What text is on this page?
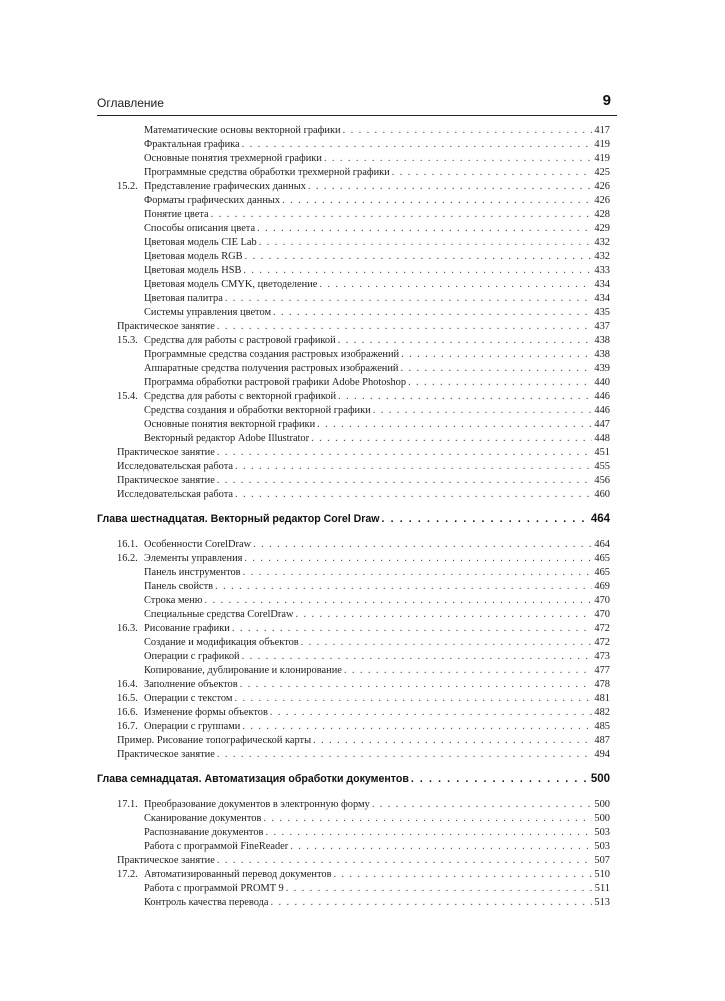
Оглавление	9
Математические основы векторной графики . . .	417
Фрактальная графика . . .	419
Основные понятия трехмерной графики . . .	419
Программные средства обработки трехмерной графики . . .	425
15.2. Представление графических данных . . .	426
Форматы графических данных . . .	426
Понятие цвета . . .	428
Способы описания цвета . . .	429
Цветовая модель CIE Lab . . .	432
Цветовая модель RGB . . .	432
Цветовая модель HSB . . .	433
Цветовая модель CMYK, цветоделение . . .	434
Цветовая палитра . . .	434
Системы управления цветом . . .	435
Практическое занятие . . .	437
15.3. Средства для работы с растровой графикой . . .	438
Программные средства создания растровых изображений . . .	438
Аппаратные средства получения растровых изображений . . .	439
Программа обработки растровой графики Adobe Photoshop . . .	440
15.4. Средства для работы с векторной графикой . . .	446
Средства создания и обработки векторной графики . . .	446
Основные понятия векторной графики . . .	447
Векторный редактор Adobe Illustrator . . .	448
Практическое занятие . . .	451
Исследовательская работа . . .	455
Практическое занятие . . .	456
Исследовательская работа . . .	460
Глава шестнадцатая. Векторный редактор Corel Draw . . .	464
16.1. Особенности CorelDraw . . .	464
16.2. Элементы управления . . .	465
Панель инструментов . . .	465
Панель свойств . . .	469
Строка меню . . .	470
Специальные средства CorelDraw . . .	470
16.3. Рисование графики . . .	472
Создание и модификация объектов . . .	472
Операции с графикой . . .	473
Копирование, дублирование и клонирование . . .	477
16.4. Заполнение объектов . . .	478
16.5. Операции с текстом . . .	481
16.6. Изменение формы объектов . . .	482
16.7. Операции с группами . . .	485
Пример. Рисование топографической карты . . .	487
Практическое занятие . . .	494
Глава семнадцатая. Автоматизация обработки документов . . .	500
17.1. Преобразование документов в электронную форму . . .	500
Сканирование документов . . .	500
Распознавание документов . . .	503
Работа с программой FineReader . . .	503
Практическое занятие . . .	507
17.2. Автоматизированный перевод документов . . .	510
Работа с программой PROMT 9 . . .	511
Контроль качества перевода . . .	513
